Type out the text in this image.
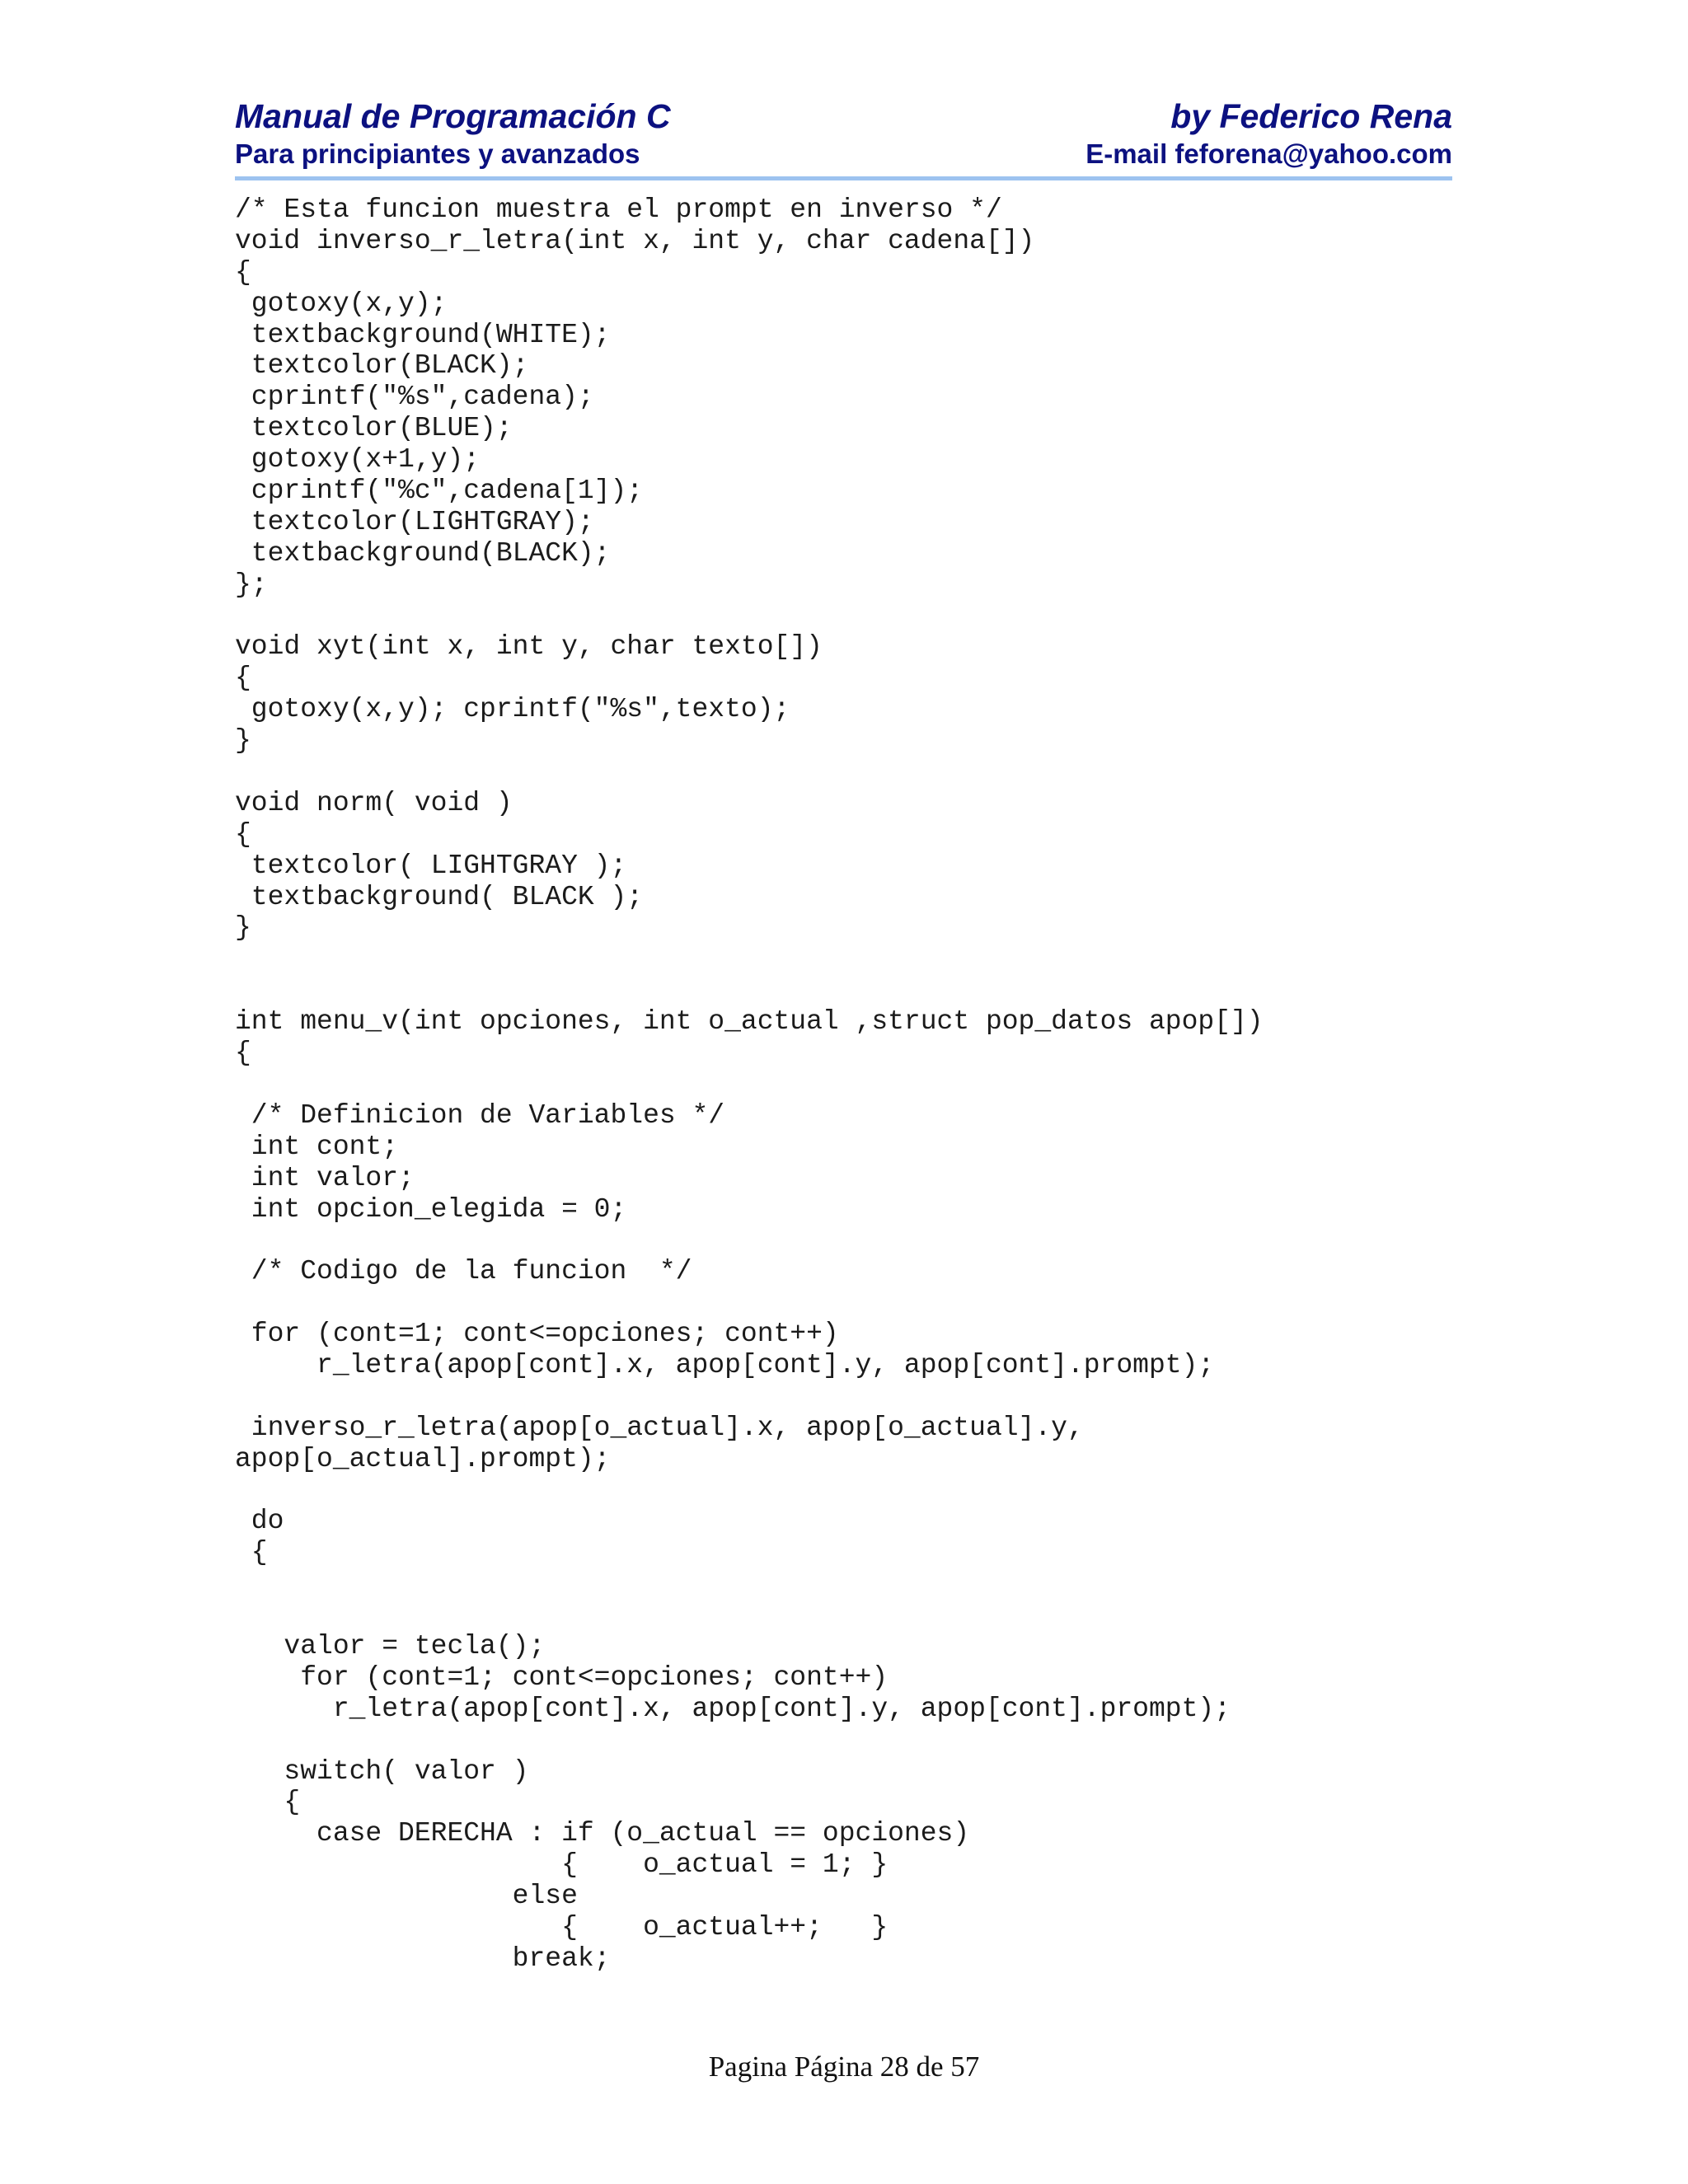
Manual de Programación C	by Federico Rena
Para principiantes y avanzados	E-mail feforena@yahoo.com
/* Esta funcion muestra el prompt en inverso */
void inverso_r_letra(int x, int y, char cadena[])
{
gotoxy(x,y);
textbackground(WHITE);
textcolor(BLACK);
cprintf("%s",cadena);
textcolor(BLUE);
gotoxy(x+1,y);
cprintf("%c",cadena[1]);
textcolor(LIGHTGRAY);
textbackground(BLACK);
};
void xyt(int x, int y, char texto[])
{
gotoxy(x,y); cprintf("%s",texto);
}
void norm( void )
{
textcolor( LIGHTGRAY );
textbackground( BLACK );
}
int menu_v(int opciones, int o_actual ,struct pop_datos apop[])
{
/* Definicion de Variables */
int cont;
int valor;
int opcion_elegida = 0;
/* Codigo de la funcion  */
for (cont=1; cont<=opciones; cont++)
r_letra(apop[cont].x, apop[cont].y, apop[cont].prompt);
inverso_r_letra(apop[o_actual].x, apop[o_actual].y,
apop[o_actual].prompt);
do
{
valor = tecla();
for (cont=1; cont<=opciones; cont++)
r_letra(apop[cont].x, apop[cont].y, apop[cont].prompt);
switch( valor )
{
case DERECHA : if (o_actual == opciones)
{    o_actual = 1; }
else
{    o_actual++;   }
break;
Pagina Página 28 de 57
